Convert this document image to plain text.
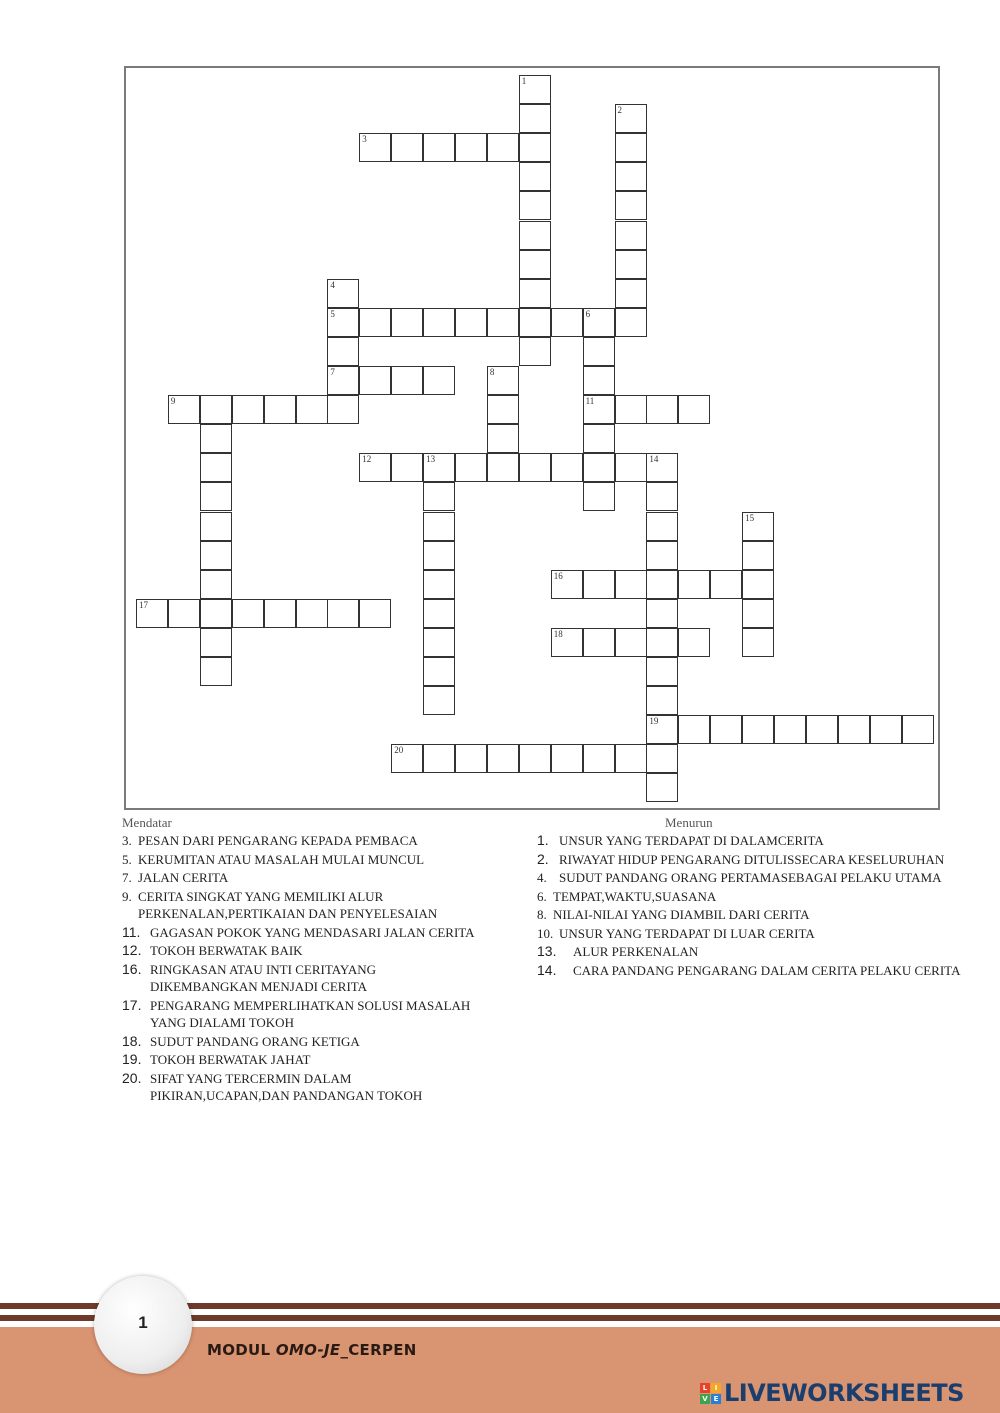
Mendatar	Menurun
3. PESAN DARI PENGARANG KEPADA PEMBACA
5. KERUMITAN ATAU MASALAH MULAI MUNCUL
7. JALAN CERITA
9. CERITA SINGKAT YANG MEMILIKI ALUR PERKENALAN,PERTIKAIAN DAN PENYELESAIAN
11. GAGASAN POKOK YANG MENDASARI JALAN CERITA
12. TOKOH BERWATAK BAIK
16. RINGKASAN ATAU INTI CERITAYANG DIKEMBANGKAN MENJADI CERITA
17. PENGARANG MEMPERLIHATKAN SOLUSI MASALAH YANG DIALAMI TOKOH
18. SUDUT PANDANG ORANG KETIGA
19. TOKOH BERWATAK JAHAT
20. SIFAT YANG TERCERMIN DALAM PIKIRAN,UCAPAN,DAN PANDANGAN TOKOH
1. UNSUR YANG TERDAPAT DI DALAMCERITA
2. RIWAYAT HIDUP PENGARANG DITULISSECARA KESELURUHAN
4. SUDUT PANDANG ORANG PERTAMASEBAGAI PELAKU UTAMA
6. TEMPAT,WAKTU,SUASANA
8. NILAI-NILAI YANG DIAMBIL DARI CERITA
10. UNSUR YANG TERDAPAT DI LUAR CERITA
13. ALUR PERKENALAN
14. CARA PANDANG PENGARANG DALAM CERITA PELAKU CERITA
1
MODUL OMO-JE_CERPEN
L	I
V E LIVEWORKSHEETS
1
2
3
4
5
7
6
11
8
9
12	13	14
19
15
16
17
18
20
